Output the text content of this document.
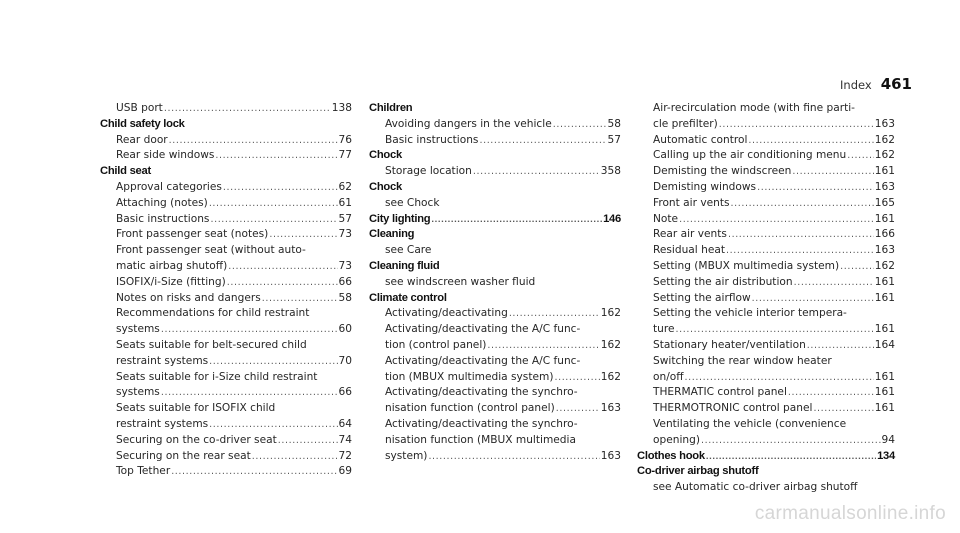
Index 461
USB port .....	138
Child safety lock
Rear door .....	76
Rear side windows .....	77
Child seat
Approval categories .....	62
Attaching (notes) .....	61
Basic instructions .....	57
Front passenger seat (notes) .....	73
Front passenger seat (without auto-
matic airbag shutoff) .....	73
ISOFIX/i-Size (fitting) .....	66
Notes on risks and dangers .....	58
Recommendations for child restraint
systems .....	60
Seats suitable for belt-secured child
restraint systems .....	70
Seats suitable for i-Size child restraint
systems .....	66
Seats suitable for ISOFIX child
restraint systems .....	64
Securing on the co-driver seat .....	74
Securing on the rear seat .....	72
Top Tether .....	69
Children
Avoiding dangers in the vehicle .....	58
Basic instructions .....	57
Chock
Storage location .....	358
Chock
see Chock
City lighting .....	146
Cleaning
see Care
Cleaning fluid
see windscreen washer fluid
Climate control
Activating/deactivating .....	162
Activating/deactivating the A/C func-
tion (control panel) .....	162
Activating/deactivating the A/C func-
tion (MBUX multimedia system) .....	162
Activating/deactivating the synchro-
nisation function (control panel) .....	163
Activating/deactivating the synchro-
nisation function (MBUX multimedia
system) .....	163
Air-recirculation mode (with fine parti-
cle prefilter) .....	163
Automatic control .....	162
Calling up the air conditioning menu .....	162
Demisting the windscreen .....	161
Demisting windows .....	163
Front air vents .....	165
Note .....	161
Rear air vents .....	166
Residual heat .....	163
Setting (MBUX multimedia system) .....	162
Setting the air distribution .....	161
Setting the airflow .....	161
Setting the vehicle interior tempera-
ture .....	161
Stationary heater/ventilation .....	164
Switching the rear window heater
on/off .....	161
THERMATIC control panel .....	161
THERMOTRONIC control panel .....	161
Ventilating the vehicle (convenience
opening) .....	94
Clothes hook .....	134
Co-driver airbag shutoff
see Automatic co-driver airbag shutoff
carmanualsonline.info
